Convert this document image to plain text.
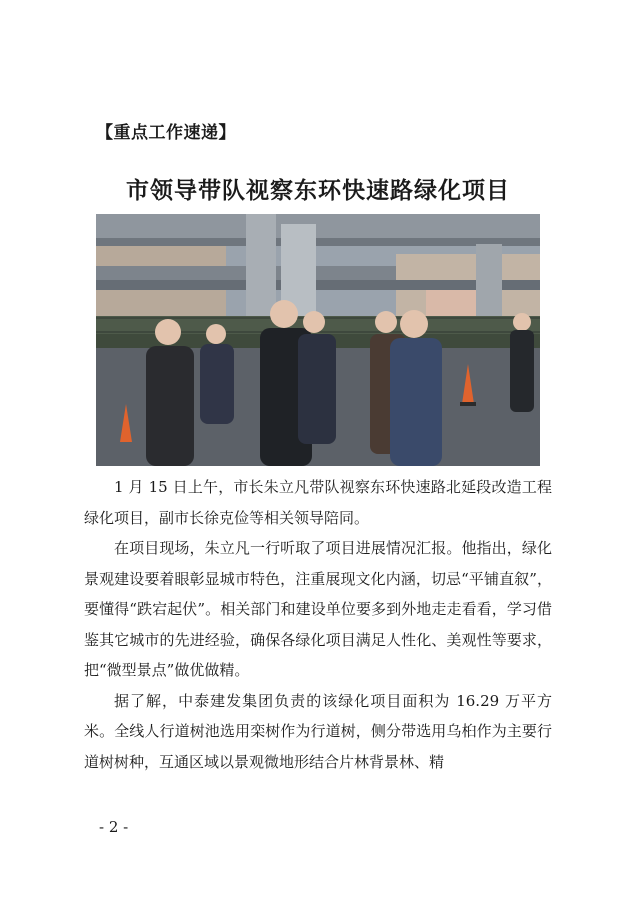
【重点工作速递】
市领导带队视察东环快速路绿化项目

1 月 15 日上午，市长朱立凡带队视察东环快速路北延段改造工程绿化项目，副市长徐克俭等相关领导陪同。

在项目现场，朱立凡一行听取了项目进展情况汇报。他指出，绿化景观建设要着眼彰显城市特色，注重展现文化内涵，切忌“平铺直叙”，要懂得“跌宕起伏”。相关部门和建设单位要多到外地走走看看，学习借鉴其它城市的先进经验，确保各绿化项目满足人性化、美观性等要求，把“微型景点”做优做精。

据了解，中泰建发集团负责的该绿化项目面积为 16.29 万平方米。全线人行道树池选用栾树作为行道树，侧分带选用乌桕作为主要行道树树种，互通区域以景观微地形结合片林背景林、精

- 2 -
